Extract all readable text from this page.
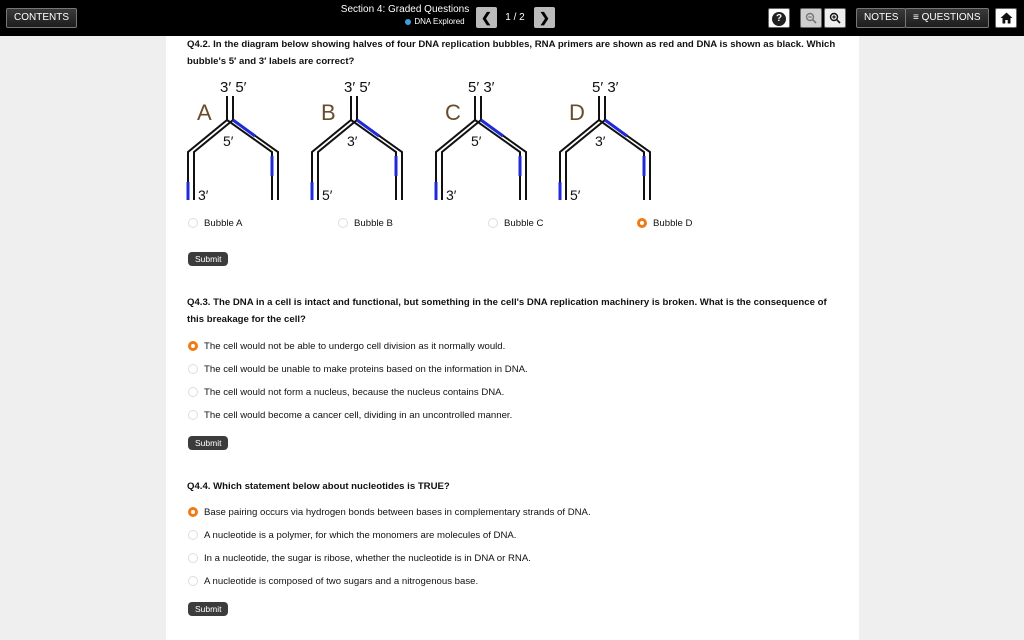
CONTENTS
Section 4: Graded Questions
DNA Explored	❮	1 / 2	❯	?	NOTES	≡ QUESTIONS
Q4.2. In the diagram below showing halves of four DNA replication bubbles, RNA primers are shown as red and DNA is shown as black. Which bubble's 5′ and 3′ labels are correct?
3′ 5′
A
5′
3′
3′ 5′
B
3′
5′
5′ 3′
C
5′
3′
5′ 3′
D
3′
5′
Bubble A	Bubble B	Bubble C	Bubble D
Submit
Q4.3. The DNA in a cell is intact and functional, but something in the cell's DNA replication machinery is broken. What is the consequence of this breakage for the cell?
The cell would not be able to undergo cell division as it normally would.
The cell would be unable to make proteins based on the information in DNA.
The cell would not form a nucleus, because the nucleus contains DNA.
The cell would become a cancer cell, dividing in an uncontrolled manner.
Submit
Q4.4. Which statement below about nucleotides is TRUE?
Base pairing occurs via hydrogen bonds between bases in complementary strands of DNA.
A nucleotide is a polymer, for which the monomers are molecules of DNA.
In a nucleotide, the sugar is ribose, whether the nucleotide is in DNA or RNA.
A nucleotide is composed of two sugars and a nitrogenous base.
Submit
